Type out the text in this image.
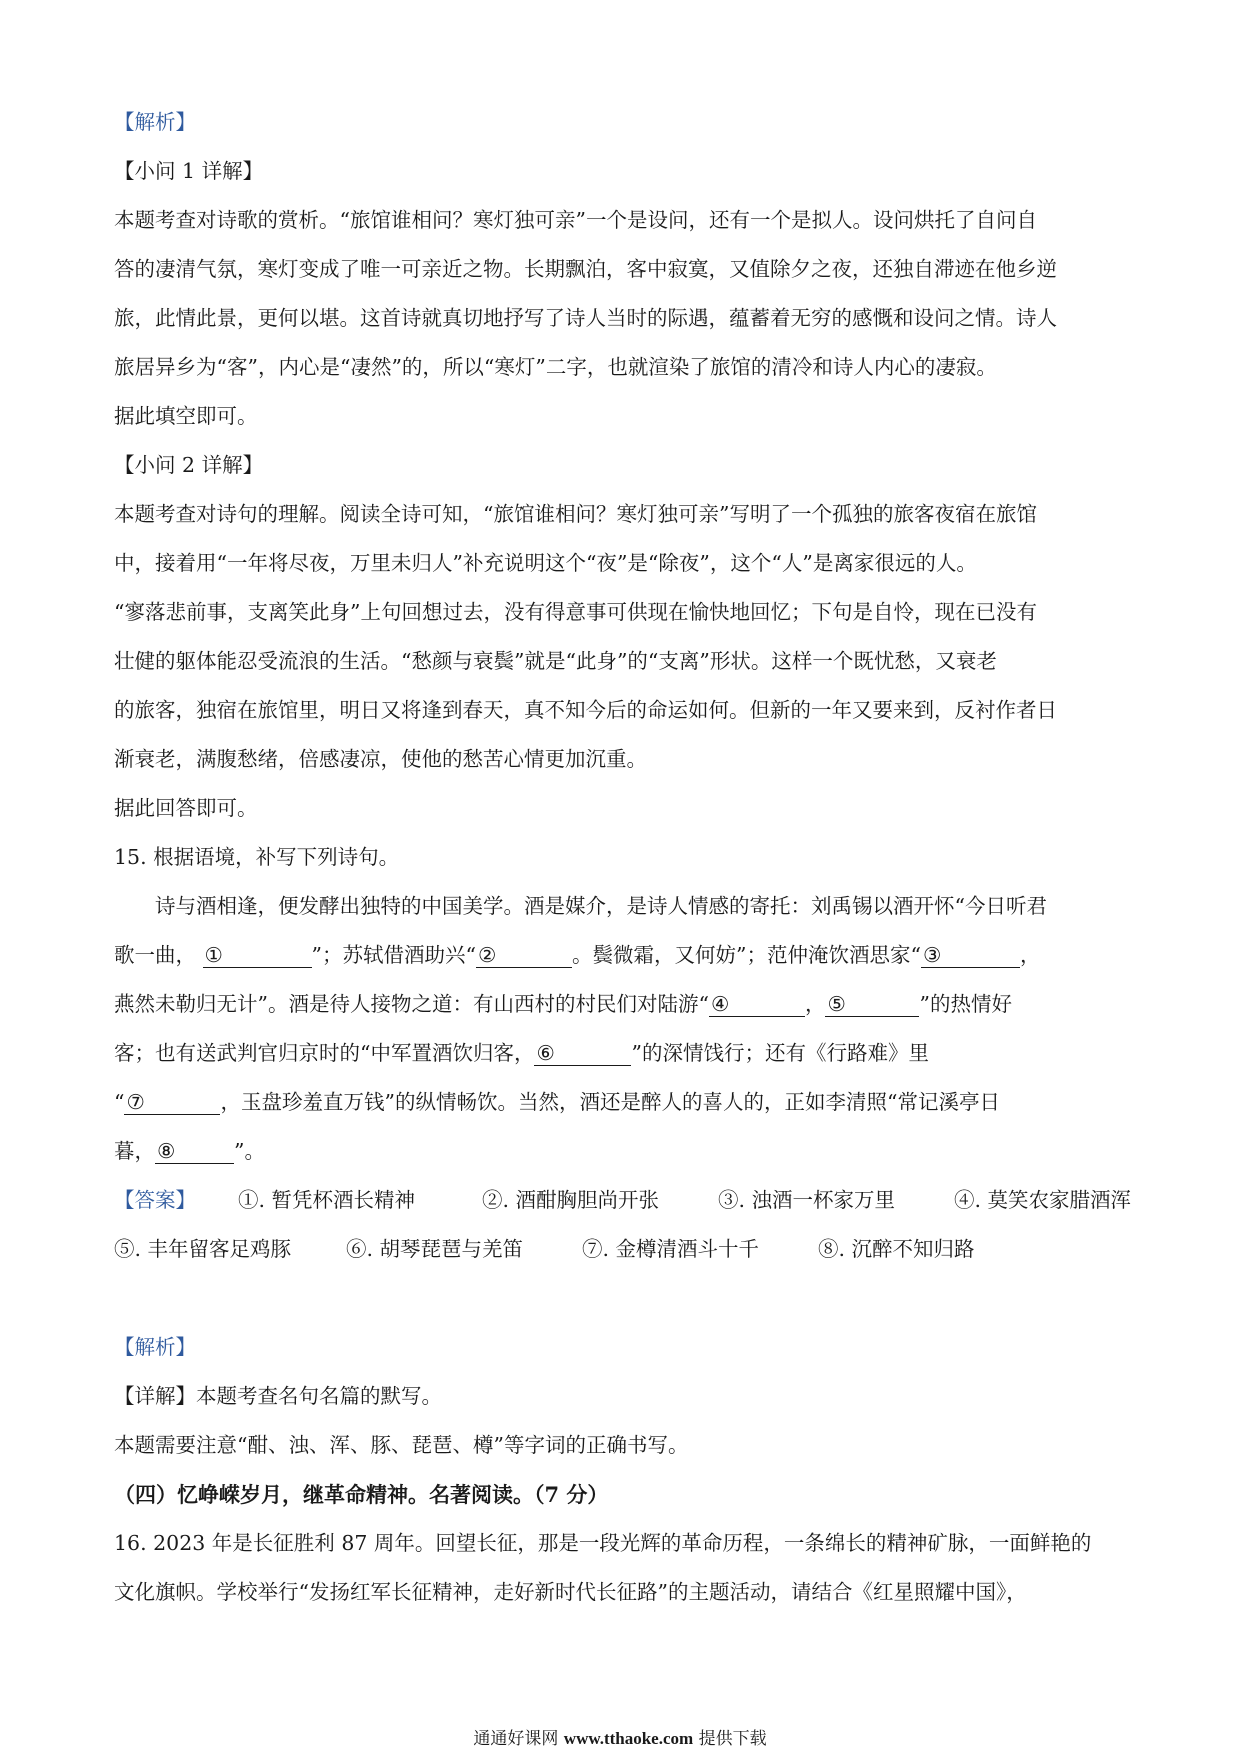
【解析】
【小问 1 详解】
本题考查对诗歌的赏析。“旅馆谁相问？寒灯独可亲”一个是设问，还有一个是拟人。设问烘托了自问自
答的凄清气氛，寒灯变成了唯一可亲近之物。长期飘泊，客中寂寞，又值除夕之夜，还独自滞迹在他乡逆
旅，此情此景，更何以堪。这首诗就真切地抒写了诗人当时的际遇，蕴蓄着无穷的感慨和设问之情。诗人
旅居异乡为“客”，内心是“凄然”的，所以“寒灯”二字，也就渲染了旅馆的清冷和诗人内心的凄寂。
据此填空即可。
【小问 2 详解】
本题考查对诗句的理解。阅读全诗可知，“旅馆谁相问？寒灯独可亲”写明了一个孤独的旅客夜宿在旅馆
中，接着用“一年将尽夜，万里未归人”补充说明这个“夜”是“除夜”，这个“人”是离家很远的人。
“寥落悲前事，支离笑此身”上句回想过去，没有得意事可供现在愉快地回忆；下句是自怜，现在已没有
壮健的躯体能忍受流浪的生活。“愁颜与衰鬓”就是“此身”的“支离”形状。这样一个既忧愁，又衰老
的旅客，独宿在旅馆里，明日又将逢到春天，真不知今后的命运如何。但新的一年又要来到，反衬作者日
渐衰老，满腹愁绪，倍感凄凉，使他的愁苦心情更加沉重。
据此回答即可。
15. 根据语境，补写下列诗句。
诗与酒相逢，便发酵出独特的中国美学。酒是媒介，是诗人情感的寄托：刘禹锡以酒开怀“今日听君
歌一曲， ①	”；苏轼借酒助兴“②	。鬓微霜，又何妨”；范仲淹饮酒思家“③	，
燕然未勒归无计”。酒是待人接物之道：有山西村的村民们对陆游“④	，⑤	”的热情好
客；也有送武判官归京时的“中军置酒饮归客，⑥	”的深情饯行；还有《行路难》里
“⑦	，玉盘珍羞直万钱”的纵情畅饮。当然，酒还是醉人的喜人的，正如李清照“常记溪亭日
暮，⑧	”。
【答案】 ①. 暂凭杯酒长精神	②. 酒酣胸胆尚开张	③. 浊酒一杯家万里	④. 莫笑农家腊酒浑
⑤. 丰年留客足鸡豚	⑥. 胡琴琵琶与羌笛	⑦. 金樽清酒斗十千	⑧. 沉醉不知归路
【解析】
【详解】本题考查名句名篇的默写。
本题需要注意“酣、浊、浑、豚、琵琶、樽”等字词的正确书写。
（四）忆峥嵘岁月，继革命精神。名著阅读。（7 分）
16. 2023 年是长征胜利 87 周年。回望长征，那是一段光辉的革命历程，一条绵长的精神矿脉，一面鲜艳的
文化旗帜。学校举行“发扬红军长征精神，走好新时代长征路”的主题活动，请结合《红星照耀中国》，
通通好课网 www.tthaoke.com 提供下载
